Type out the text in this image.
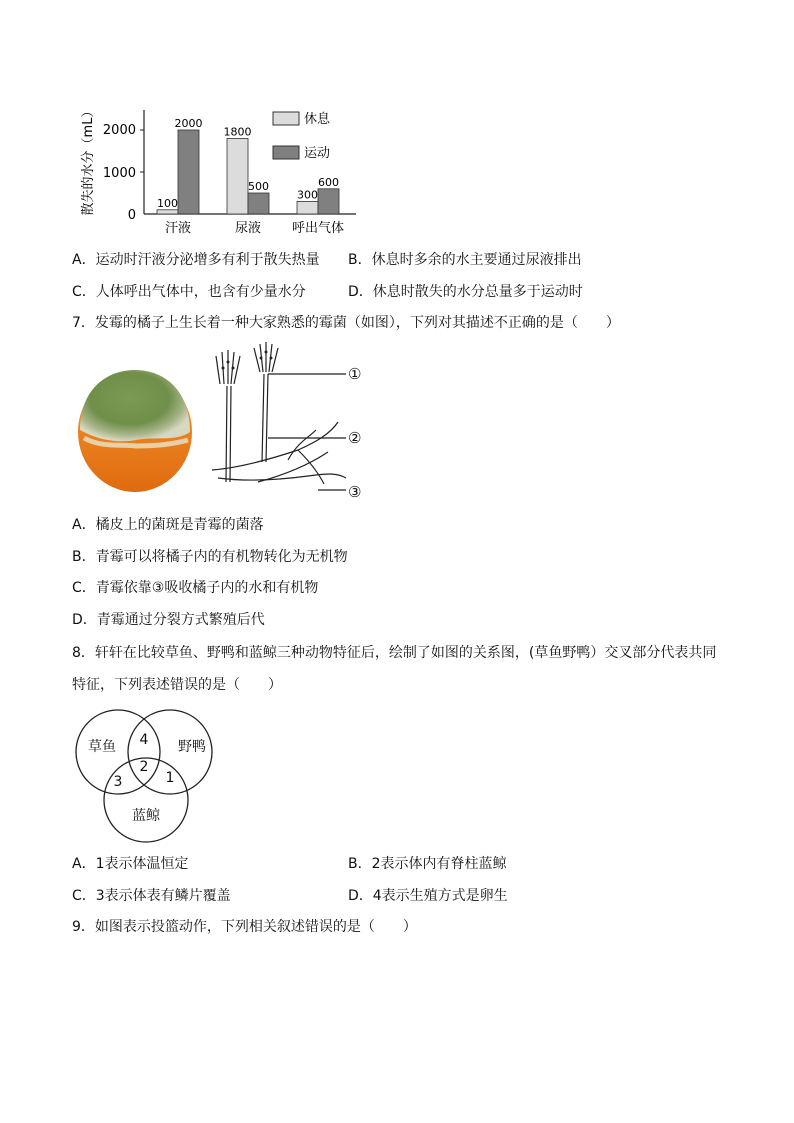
散失的水分（mL） 2000
1000
0
100
2000
1800
500
300
600
汗液	尿液 呼出气体
休息
运动
A．运动时汗液分泌增多有利于散失热量 B．休息时多余的水主要通过尿液排出
C．人体呼出气体中，也含有少量水分	D．休息时散失的水分总量多于运动时
7．发霉的橘子上生长着一种大家熟悉的霉菌（如图），下列对其描述不正确的是（　　）
①
②
③
A．橘皮上的菌斑是青霉的菌落
B．青霉可以将橘子内的有机物转化为无机物
C．青霉依靠③吸收橘子内的水和有机物
D．青霉通过分裂方式繁殖后代
8．轩轩在比较草鱼、野鸭和蓝鲸三种动物特征后，绘制了如图的关系图，(草鱼野鸭）交叉部分代表共同
特征，下列表述错误的是（　　）
草鱼	野鸭
蓝鲸
4
2
3	1
A．1表示体温恒定	B．2表示体内有脊柱蓝鲸
C．3表示体表有鳞片覆盖	D．4表示生殖方式是卵生
9．如图表示投篮动作，下列相关叙述错误的是（　　）
